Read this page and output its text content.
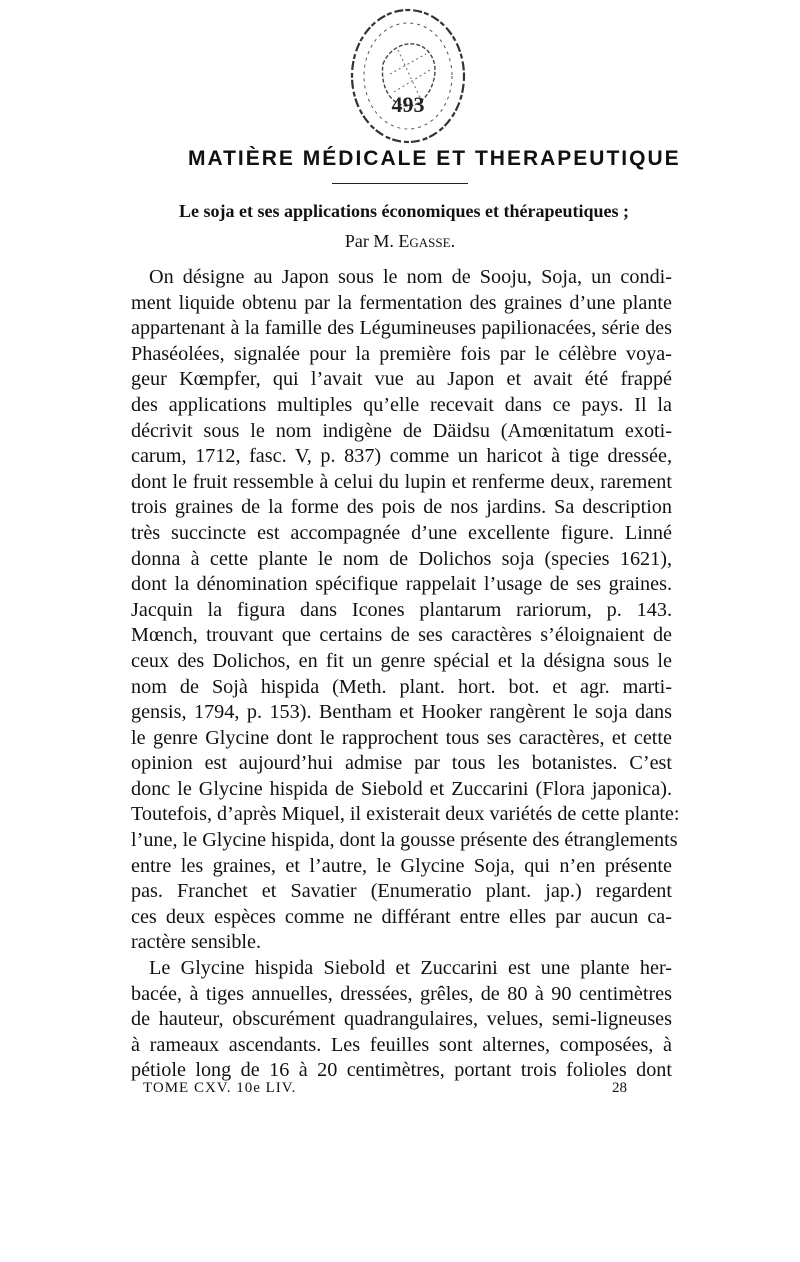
493
MATIÈRE MÉDICALE ET THERAPEUTIQUE
Le soja et ses applications économiques et thérapeutiques ;
Par M. Egasse.
On désigne au Japon sous le nom de Sooju, Soja, un condi-
ment liquide obtenu par la fermentation des graines d’une plante
appartenant à la famille des Légumineuses papilionacées, série des
Phaséolées, signalée pour la première fois par le célèbre voya-
geur Kœmpfer, qui l’avait vue au Japon et avait été frappé
des applications multiples qu’elle recevait dans ce pays. Il la
décrivit sous le nom indigène de Däidsu (Amœnitatum exoti-
carum, 1712, fasc. V, p. 837) comme un haricot à tige dressée,
dont le fruit ressemble à celui du lupin et renferme deux, rarement
trois graines de la forme des pois de nos jardins. Sa description
très succincte est accompagnée d’une excellente figure. Linné
donna à cette plante le nom de Dolichos soja (species 1621),
dont la dénomination spécifique rappelait l’usage de ses graines.
Jacquin la figura dans Icones plantarum rariorum, p. 143.
Mœnch, trouvant que certains de ses caractères s’éloignaient de
ceux des Dolichos, en fit un genre spécial et la désigna sous le
nom de Sojà hispida (Meth. plant. hort. bot. et agr. marti-
gensis, 1794, p. 153). Bentham et Hooker rangèrent le soja dans
le genre Glycine dont le rapprochent tous ses caractères, et cette
opinion est aujourd’hui admise par tous les botanistes. C’est
donc le Glycine hispida de Siebold et Zuccarini (Flora japonica).
Toutefois, d’après Miquel, il existerait deux variétés de cette plante:
l’une, le Glycine hispida, dont la gousse présente des étranglements
entre les graines, et l’autre, le Glycine Soja, qui n’en présente
pas. Franchet et Savatier (Enumeratio plant. jap.) regardent
ces deux espèces comme ne différant entre elles par aucun ca-
ractère sensible.
Le Glycine hispida Siebold et Zuccarini est une plante her-
bacée, à tiges annuelles, dressées, grêles, de 80 à 90 centimètres
de hauteur, obscurément quadrangulaires, velues, semi-ligneuses
à rameaux ascendants. Les feuilles sont alternes, composées, à
pétiole long de 16 à 20 centimètres, portant trois folioles dont
TOME CXV. 10e LIV.	28
